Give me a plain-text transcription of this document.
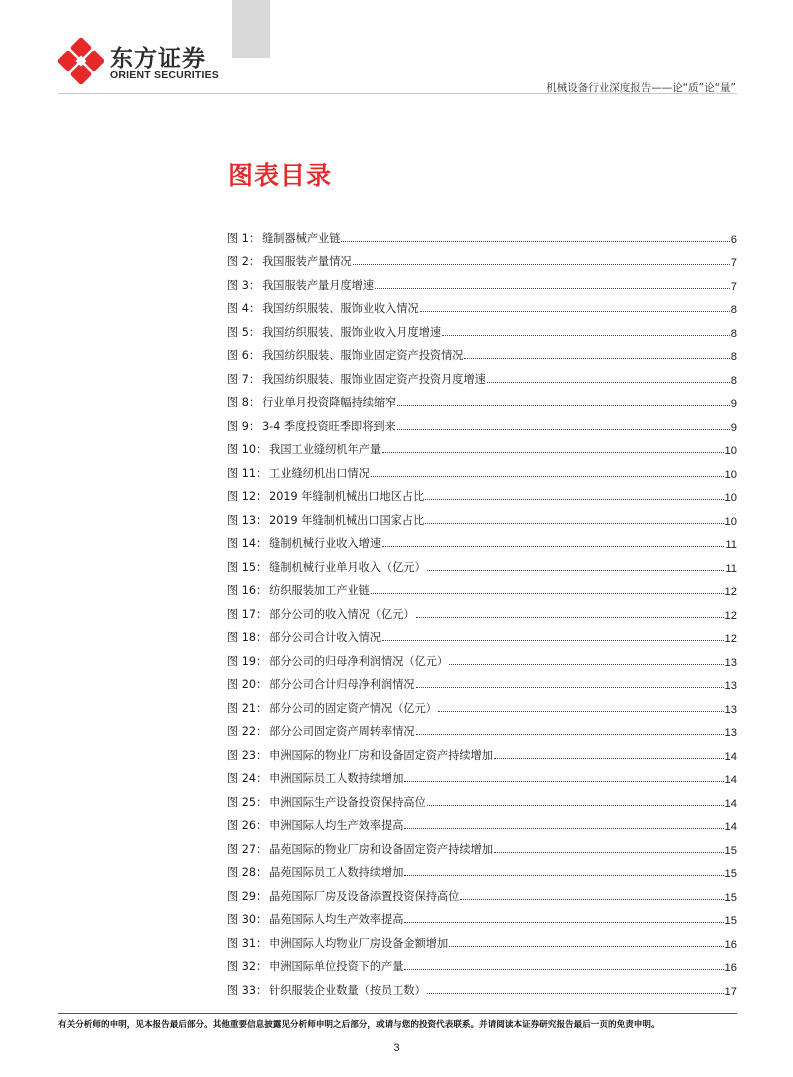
东方证券
ORIENT SECURITIES
机械设备行业深度报告——论“质”论“量”
图表目录
图 1： 缝制器械产业链	6
图 2： 我国服装产量情况	7
图 3： 我国服装产量月度增速	7
图 4： 我国纺织服装、服饰业收入情况	8
图 5： 我国纺织服装、服饰业收入月度增速	8
图 6： 我国纺织服装、服饰业固定资产投资情况	8
图 7： 我国纺织服装、服饰业固定资产投资月度增速	8
图 8： 行业单月投资降幅持续缩窄	9
图 9： 3-4 季度投资旺季即将到来	9
图 10： 我国工业缝纫机年产量	10
图 11： 工业缝纫机出口情况	10
图 12： 2019 年缝制机械出口地区占比	10
图 13： 2019 年缝制机械出口国家占比	10
图 14： 缝制机械行业收入增速	11
图 15： 缝制机械行业单月收入（亿元）	11
图 16： 纺织服装加工产业链	12
图 17： 部分公司的收入情况（亿元）	12
图 18： 部分公司合计收入情况	12
图 19： 部分公司的归母净利润情况（亿元）	13
图 20： 部分公司合计归母净利润情况	13
图 21： 部分公司的固定资产情况（亿元）	13
图 22： 部分公司固定资产周转率情况	13
图 23： 申洲国际的物业厂房和设备固定资产持续增加	14
图 24： 申洲国际员工人数持续增加	14
图 25： 申洲国际生产设备投资保持高位	14
图 26： 申洲国际人均生产效率提高	14
图 27： 晶苑国际的物业厂房和设备固定资产持续增加	15
图 28： 晶苑国际员工人数持续增加	15
图 29： 晶苑国际厂房及设备添置投资保持高位	15
图 30： 晶苑国际人均生产效率提高	15
图 31： 申洲国际人均物业厂房设备金额增加	16
图 32： 申洲国际单位投资下的产量	16
图 33： 针织服装企业数量（按员工数）	17
有关分析师的申明，见本报告最后部分。其他重要信息披露见分析师申明之后部分，或请与您的投资代表联系。并请阅读本证券研究报告最后一页的免责申明。
3
